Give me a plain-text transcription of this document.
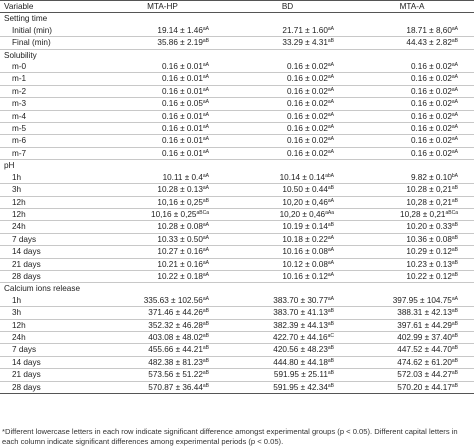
Variable	MTA-HP	BD	MTA-A
Setting time			
Initial (min)	$19.14 \pm 1.46^{aA}$	$21.71 \pm 1.60^{aA}$	$18.71 \pm 8,60^{aA}$
Final (min)	$35.86 \pm 2.19^{aB}$	$33.29 \pm 4.31^{aB}$	$44.43 \pm 2.82^{aB}$
Solubility			
m-0	$0.16 \pm 0.01^{aA}$	$0.16 \pm 0.02^{aA}$	$0.16 \pm 0.02^{aA}$
m-1	$0.16 \pm 0.01^{aA}$	$0.16 \pm 0.02^{aA}$	$0.16 \pm 0.02^{aA}$
m-2	$0.16 \pm 0.01^{aA}$	$0.16 \pm 0.02^{aA}$	$0.16 \pm 0.02^{aA}$
m-3	$0.16 \pm 0.05^{aA}$	$0.16 \pm 0.02^{aA}$	$0.16 \pm 0.02^{aA}$
m-4	$0.16 \pm 0.01^{aA}$	$0.16 \pm 0.02^{aA}$	$0.16 \pm 0.02^{aA}$
m-5	$0.16 \pm 0.01^{aA}$	$0.16 \pm 0.02^{aA}$	$0.16 \pm 0.02^{aA}$
m-6	$0.16 \pm 0.01^{aA}$	$0.16 \pm 0.02^{aA}$	$0.16 \pm 0.02^{aA}$
m-7	$0.16 \pm 0.01^{aA}$	$0.16 \pm 0.02^{aA}$	$0.16 \pm 0.02^{aA}$
pH			
1h	$10.11 \pm 0.4^{aA}$	$10.14 \pm 0.14^{abA}$	$9.82 \pm 0.10^{bA}$
3h	$10.28 \pm 0.13^{aA}$	$10.50 \pm 0.44^{aB}$	$10.28 \pm 0,21^{aB}$
12h	$10,16 \pm 0,25^{aB}$	$10,20 \pm 0,46^{aA}$	$10,28 \pm 0,21^{aB}$
12h	$10,16 \pm 0,25^{aBCa}$	$10,20 \pm 0,46^{aAa}$	$10,28 \pm 0,21^{aBCa}$
24h	$10.28 \pm 0.08^{aA}$	$10.19 \pm 0.14^{aB}$	$10.20 \pm 0.33^{aB}$
7 days	$10.33 \pm 0.50^{aA}$	$10.18 \pm 0.22^{aA}$	$10.36 \pm 0.08^{aB}$
14 days	$10.27 \pm 0.16^{aA}$	$10.16 \pm 0.08^{aA}$	$10.29 \pm 0.12^{aB}$
21 days	$10.21 \pm 0.16^{aA}$	$10.12 \pm 0.08^{aA}$	$10.23 \pm 0.13^{aB}$
28 days	$10.22 \pm 0.18^{aA}$	$10.16 \pm 0.12^{aA}$	$10.22 \pm 0.12^{aB}$
Calcium ions release			
1h	$335.63 \pm 102.56^{aA}$	$383.70 \pm 30.77^{aA}$	$397.95 \pm 104.75^{aA}$
3h	$371.46 \pm 44.26^{aB}$	$383.70 \pm 41.13^{aB}$	$388.31 \pm 42.13^{aB}$
12h	$352.32 \pm 46.28^{aB}$	$382.39 \pm 44.13^{aB}$	$397.61 \pm 44.29^{aB}$
24h	$403.08 \pm 48.02^{aB}$	$422.70 \pm 44.16^{aC}$	$402.99 \pm 37.40^{aB}$
7 days	$455.66 \pm 44.21^{aB}$	$420.56 \pm 48.23^{aB}$	$447.52 \pm 44.70^{aB}$
14 days	$482.38 \pm 81.23^{aB}$	$444.80 \pm 44.18^{aB}$	$474.62 \pm 61.20^{aB}$
21 days	$573.56 \pm 51.22^{aB}$	$591.95 \pm 25.11^{aB}$	$572.03 \pm 44.27^{aB}$
28 days	$570.87 \pm 36.44^{aB}$	$591.95 \pm 42.34^{aB}$	$570.20 \pm 44.17^{aB}$
*Different lowercase letters in each row indicate significant difference amongst experimental groups (p < 0.05). Different capital letters in each column indicate significant differences among experimental periods (p < 0.05).
